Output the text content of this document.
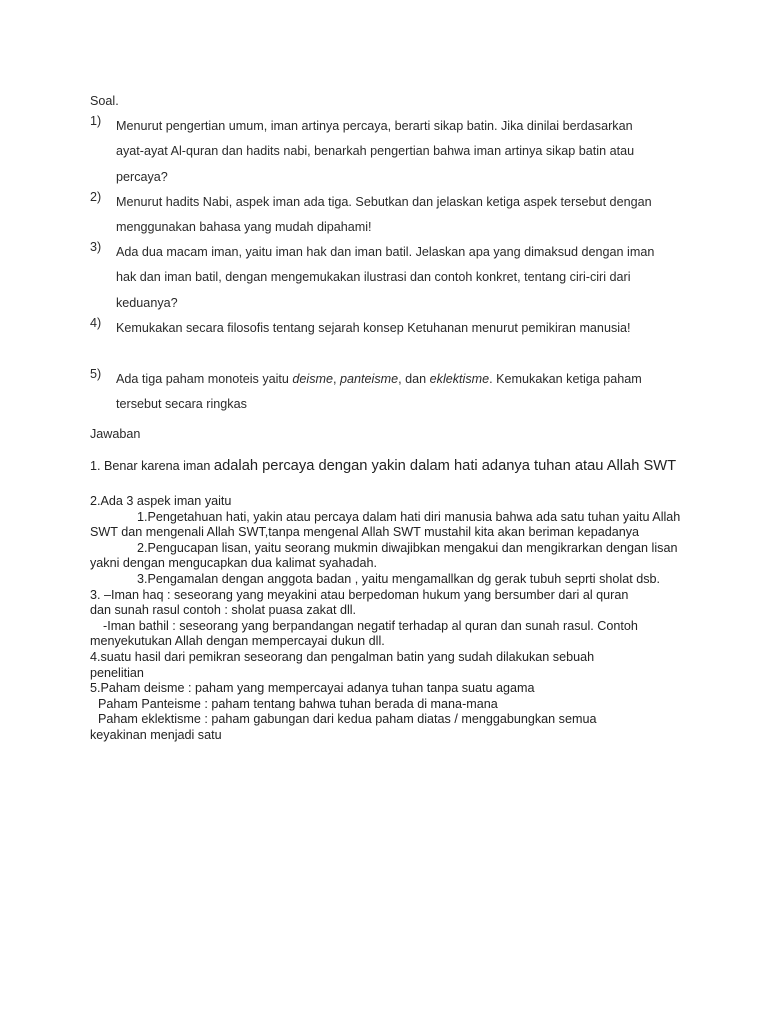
Soal.
1) Menurut pengertian umum, iman artinya percaya, berarti sikap batin. Jika dinilai berdasarkan ayat-ayat Al-quran dan hadits nabi, benarkah pengertian bahwa iman artinya sikap batin atau percaya?
2) Menurut hadits Nabi, aspek iman ada tiga. Sebutkan dan jelaskan ketiga aspek tersebut dengan menggunakan bahasa yang mudah dipahami!
3) Ada dua macam iman, yaitu iman hak dan iman batil. Jelaskan apa yang dimaksud dengan iman hak dan iman batil, dengan mengemukakan ilustrasi dan contoh konkret, tentang ciri-ciri dari keduanya?
4) Kemukakan secara filosofis tentang sejarah konsep Ketuhanan menurut pemikiran manusia!
5) Ada tiga paham monoteis yaitu deisme, panteisme, dan eklektisme. Kemukakan ketiga paham tersebut secara ringkas
Jawaban

1. Benar karena iman adalah percaya dengan yakin dalam hati adanya tuhan atau Allah SWT

2.Ada 3 aspek iman yaitu

1.Pengetahuan hati, yakin atau percaya dalam hati diri manusia bahwa ada satu tuhan yaitu Allah

SWT dan mengenali Allah SWT,tanpa mengenal Allah SWT mustahil kita akan beriman kepadanya

2.Pengucapan lisan, yaitu seorang mukmin diwajibkan mengakui dan mengikrarkan dengan lisan

yakni dengan mengucapkan dua kalimat syahadah.

3.Pengamalan dengan anggota badan , yaitu mengamallkan dg gerak tubuh seprti sholat dsb.

3. –Iman haq : seseorang yang meyakini atau berpedoman hukum yang bersumber dari al quran

dan sunah rasul contoh : sholat puasa zakat dll.

-Iman bathil : seseorang yang berpandangan negatif terhadap al quran dan sunah rasul. Contoh

menyekutukan Allah dengan mempercayai dukun dll.

4.suatu hasil dari pemikran seseorang dan pengalman batin yang sudah dilakukan sebuah

penelitian

5.Paham deisme : paham yang mempercayai adanya tuhan tanpa suatu agama

Paham Panteisme : paham tentang bahwa tuhan berada di mana-mana

Paham eklektisme : paham gabungan dari kedua paham diatas / menggabungkan semua

keyakinan menjadi satu
